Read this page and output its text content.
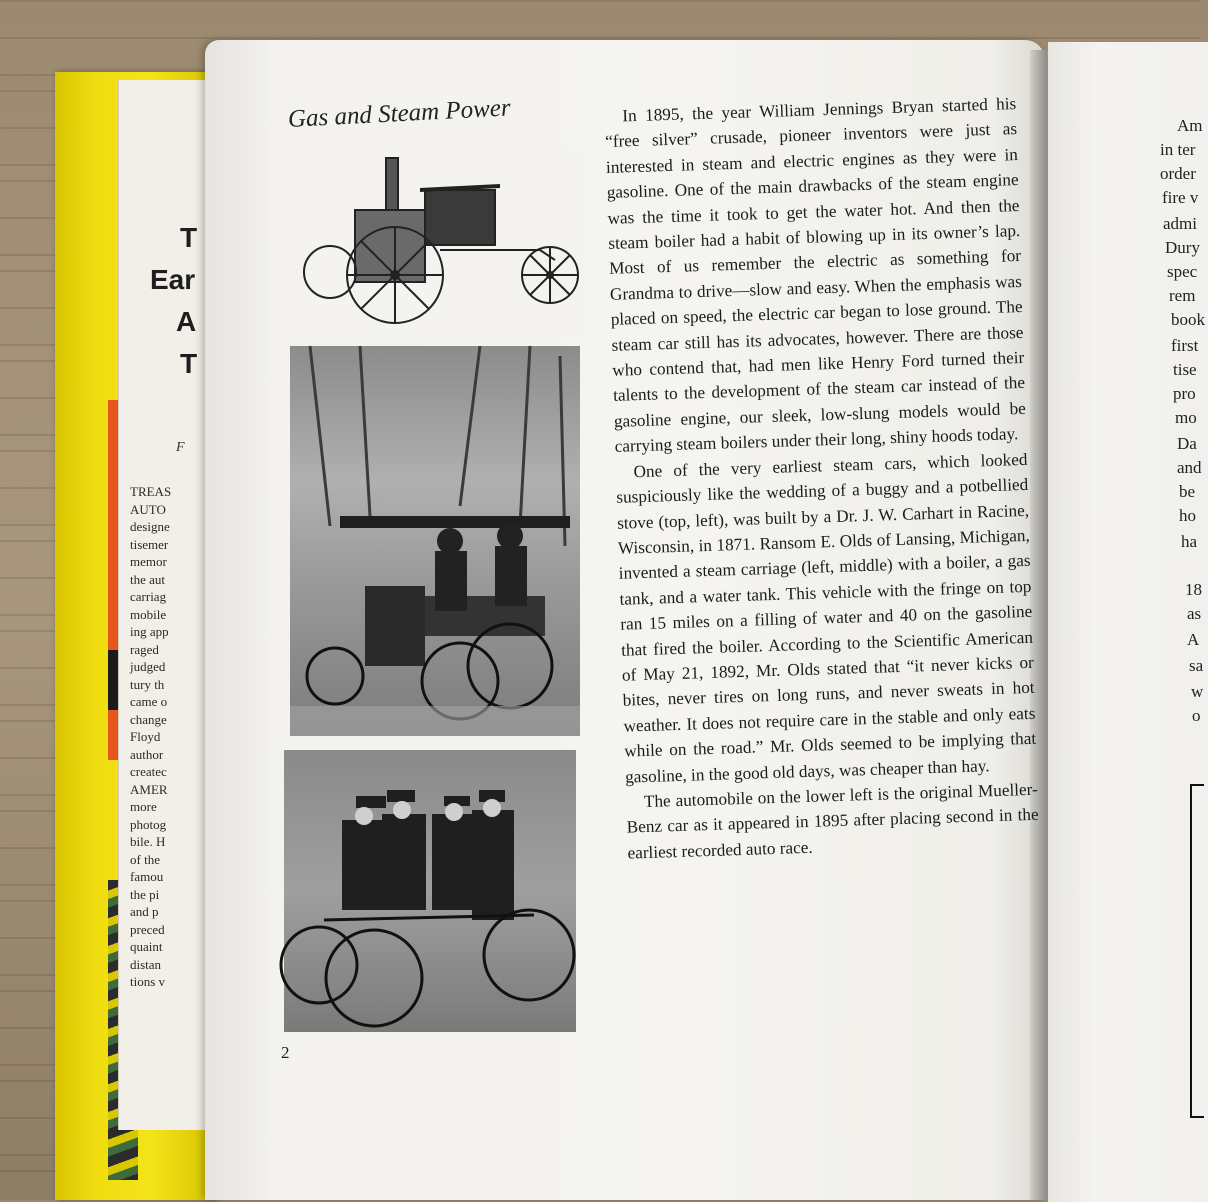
T
Ear
A
T
F
TREAS
AUTO
designe
tisemer
memor
the aut
carriag
mobile
ing app
raged
judged
tury th
came o
change
Floyd
author
createc
AMER
more
photog
bile. H
of the
famou
the pi
and p
preced
quaint
distan
tions v
Am
in ter
order
fire v
admi
Dury
spec
rem
book
first
tise
pro
mo
Da
and
be
ho
ha
18
as
A
sa
w
o
Gas and Steam Power	In 1895, the year William Jennings Bryan started his “free silver” crusade, pioneer inventors were just as interested in steam and electric engines as they were in gasoline. One of the main drawbacks of the steam engine was the time it took to get the water hot. And then the steam boiler had a habit of blowing up in its owner’s lap. Most of us remember the electric as something for Grandma to drive—slow and easy. When the emphasis was placed on speed, the electric car began to lose ground. The steam car still has its advocates, however. There are those who contend that, had men like Henry Ford turned their talents to the development of the steam car instead of the gasoline engine, our sleek, low-slung models would be carrying steam boilers under their long, shiny hoods today.

One of the very earliest steam cars, which looked suspiciously like the wedding of a buggy and a potbellied stove (top, left), was built by a Dr. J. W. Carhart in Racine, Wisconsin, in 1871. Ransom E. Olds of Lansing, Michigan, invented a steam carriage (left, middle) with a boiler, a gas tank, and a water tank. This vehicle with the fringe on top ran 15 miles on a filling of water and 40 on the gasoline that fired the boiler. According to the Scientific American of May 21, 1892, Mr. Olds stated that “it never kicks or bites, never tires on long runs, and never sweats in hot weather. It does not require care in the stable and only eats while on the road.” Mr. Olds seemed to be implying that gasoline, in the good old days, was cheaper than hay.

The automobile on the lower left is the original Mueller-Benz car as it appeared in 1895 after placing second in the earliest recorded auto race.

2
